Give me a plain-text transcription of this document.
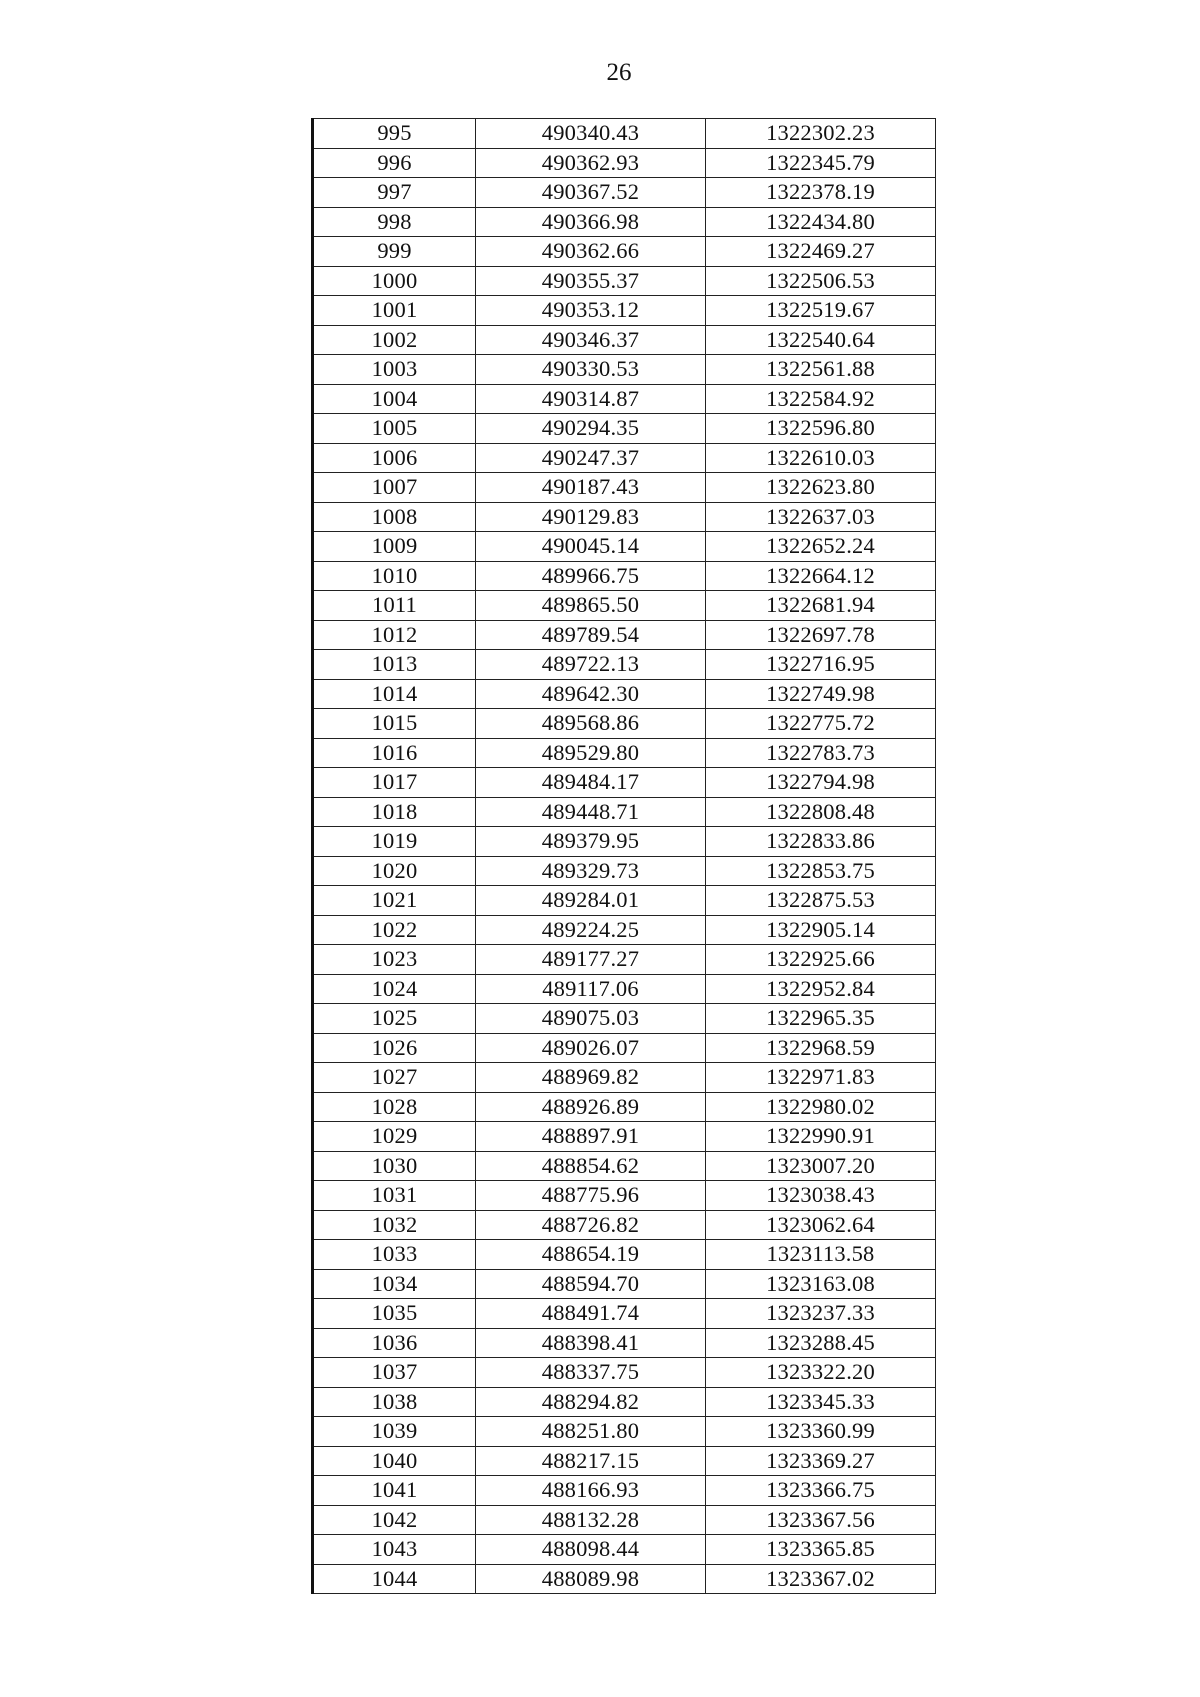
26
995	490340.43	1322302.23
996	490362.93	1322345.79
997	490367.52	1322378.19
998	490366.98	1322434.80
999	490362.66	1322469.27
1000	490355.37	1322506.53
1001	490353.12	1322519.67
1002	490346.37	1322540.64
1003	490330.53	1322561.88
1004	490314.87	1322584.92
1005	490294.35	1322596.80
1006	490247.37	1322610.03
1007	490187.43	1322623.80
1008	490129.83	1322637.03
1009	490045.14	1322652.24
1010	489966.75	1322664.12
1011	489865.50	1322681.94
1012	489789.54	1322697.78
1013	489722.13	1322716.95
1014	489642.30	1322749.98
1015	489568.86	1322775.72
1016	489529.80	1322783.73
1017	489484.17	1322794.98
1018	489448.71	1322808.48
1019	489379.95	1322833.86
1020	489329.73	1322853.75
1021	489284.01	1322875.53
1022	489224.25	1322905.14
1023	489177.27	1322925.66
1024	489117.06	1322952.84
1025	489075.03	1322965.35
1026	489026.07	1322968.59
1027	488969.82	1322971.83
1028	488926.89	1322980.02
1029	488897.91	1322990.91
1030	488854.62	1323007.20
1031	488775.96	1323038.43
1032	488726.82	1323062.64
1033	488654.19	1323113.58
1034	488594.70	1323163.08
1035	488491.74	1323237.33
1036	488398.41	1323288.45
1037	488337.75	1323322.20
1038	488294.82	1323345.33
1039	488251.80	1323360.99
1040	488217.15	1323369.27
1041	488166.93	1323366.75
1042	488132.28	1323367.56
1043	488098.44	1323365.85
1044	488089.98	1323367.02
